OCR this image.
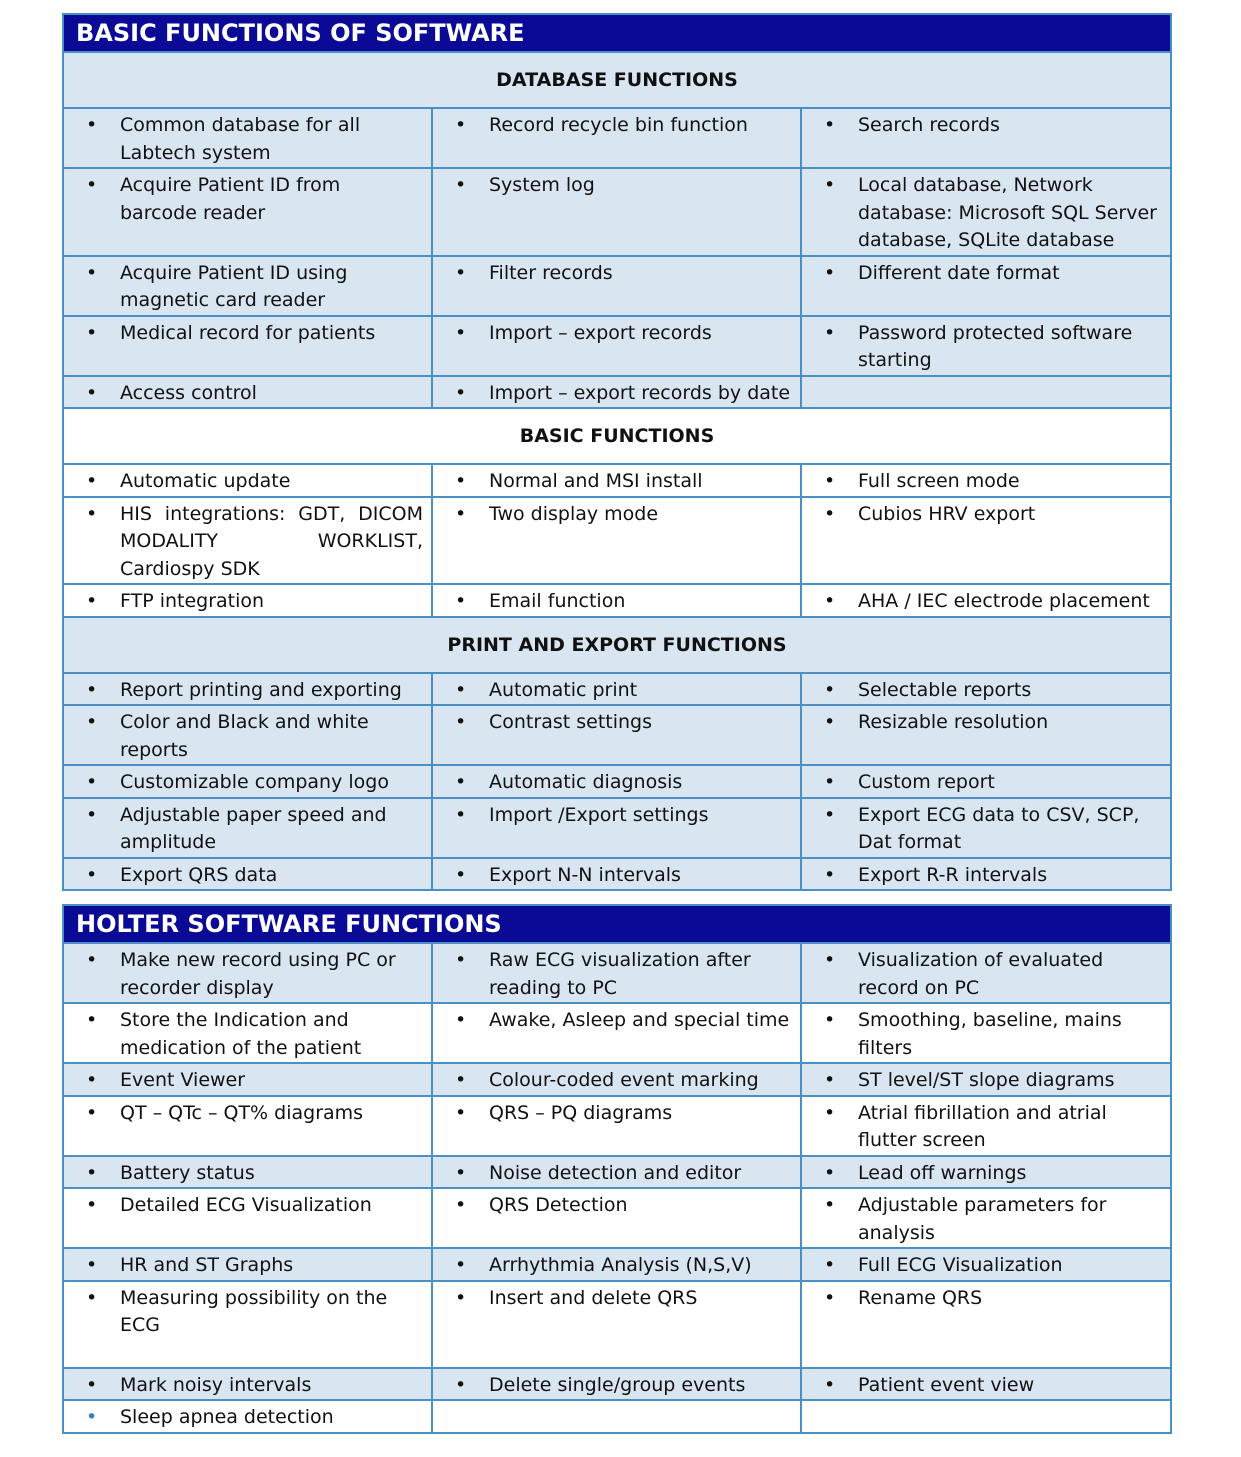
BASIC FUNCTIONS OF SOFTWARE		
DATABASE FUNCTIONS		

• Common database for all Labtech system	• Record recycle bin function	• Search records

• Acquire Patient ID from barcode reader	• System log	• Local database, Network database: Microsoft SQL Server database, SQLite database

• Acquire Patient ID using magnetic card reader	• Filter records	• Different date format

• Medical record for patients	• Import – export records	• Password protected software starting

• Access control	• Import – export records by date	

BASIC FUNCTIONS		

• Automatic update	• Normal and MSI install	• Full screen mode

• HIS integrations: GDT, DICOM MODALITY WORKLIST, Cardiospy SDK	• Two display mode	• Cubios HRV export

• FTP integration	• Email function	• AHA / IEC electrode placement

PRINT AND EXPORT FUNCTIONS		

• Report printing and exporting	• Automatic print	• Selectable reports

• Color and Black and white reports	• Contrast settings	• Resizable resolution

• Customizable company logo	• Automatic diagnosis	• Custom report

• Adjustable paper speed and amplitude	• Import /Export settings	• Export ECG data to CSV, SCP, Dat format

• Export QRS data	• Export N-N intervals	• Export R-R intervals
HOLTER SOFTWARE FUNCTIONS		

• Make new record using PC or recorder display	• Raw ECG visualization after reading to PC	• Visualization of evaluated record on PC

• Store the Indication and medication of the patient	• Awake, Asleep and special time	• Smoothing, baseline, mains filters

• Event Viewer	• Colour-coded event marking	• ST level/ST slope diagrams

• QT – QTc – QT% diagrams	• QRS – PQ diagrams	• Atrial fibrillation and atrial flutter screen

• Battery status	• Noise detection and editor	• Lead off warnings

• Detailed ECG Visualization	• QRS Detection	• Adjustable parameters for analysis

• HR and ST Graphs	• Arrhythmia Analysis (N,S,V)	• Full ECG Visualization

• Measuring possibility on the ECG	• Insert and delete QRS	• Rename QRS

• Mark noisy intervals	• Delete single/group events	• Patient event view

• Sleep apnea detection		
